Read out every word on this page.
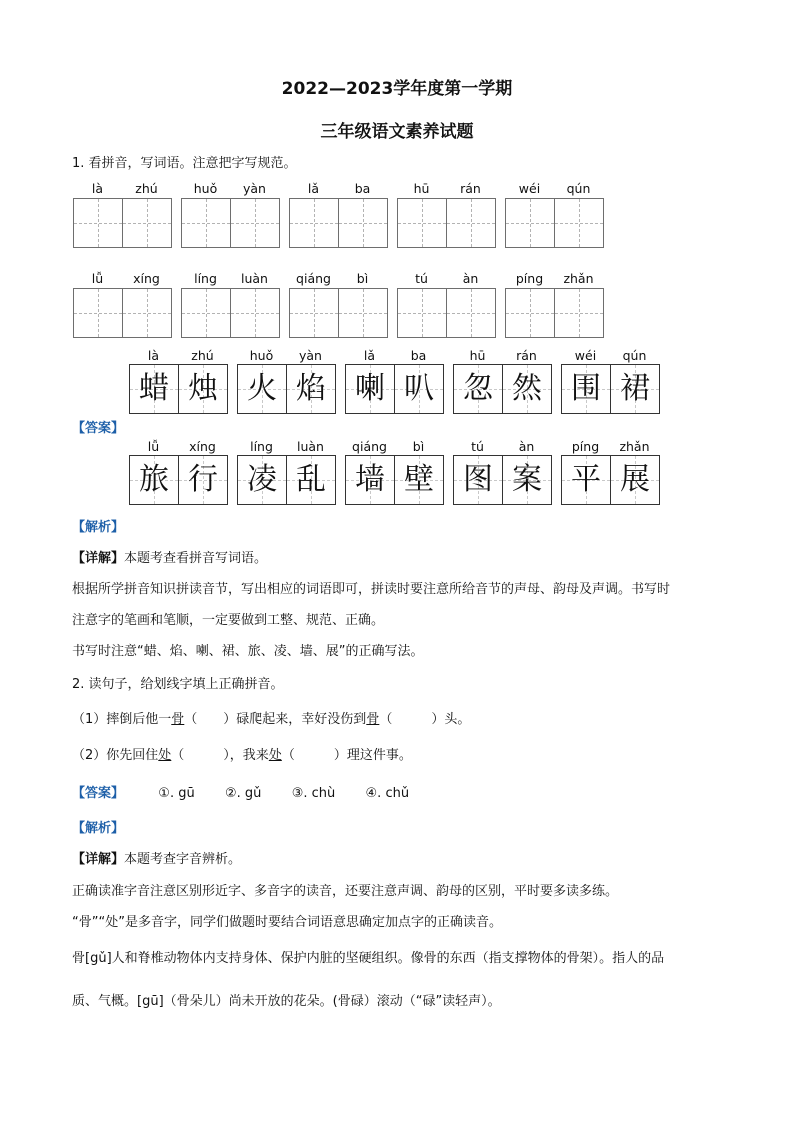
2022—2023学年度第一学期
三年级语文素养试题
1. 看拼音，写词语。注意把字写规范。
là	zhú	huǒ	yàn	lǎ	ba	hū	rán	wéi	qún
lǚ	xíng	líng	luàn	qiáng	bì	tú	àn	píng	zhǎn
là	zhú	huǒ	yàn	lǎ	ba	hū	rán	wéi	qún
蜡 烛 火 焰 喇 叭 忽 然 围 裙
【答案】
lǚ	xíng	líng	luàn	qiáng	bì	tú	àn	píng	zhǎn
旅 行 凌 乱 墙 壁 图 案 平 展
【解析】
【详解】本题考查看拼音写词语。
根据所学拼音知识拼读音节，写出相应的词语即可，拼读时要注意所给音节的声母、韵母及声调。书写时
注意字的笔画和笔顺，一定要做到工整、规范、正确。
书写时注意“蜡、焰、喇、裙、旅、凌、墙、展”的正确写法。
2. 读句子，给划线字填上正确拼音。
（1）摔倒后他一骨（　　）碌爬起来，幸好没伤到骨（　　　）头。
（2）你先回住处（　　　），我来处（　　　）理这件事。
【答案】	①. gū ②. gǔ ③. chù ④. chǔ
【解析】
【详解】本题考查字音辨析。
正确读准字音注意区别形近字、多音字的读音，还要注意声调、韵母的区别，平时要多读多练。
“骨”“处”是多音字，同学们做题时要结合词语意思确定加点字的正确读音。
骨[gǔ]人和脊椎动物体内支持身体、保护内脏的坚硬组织。像骨的东西（指支撑物体的骨架）。指人的品
质、气概。[gū]（骨朵儿）尚未开放的花朵。(骨碌）滚动（“碌”读轻声）。
